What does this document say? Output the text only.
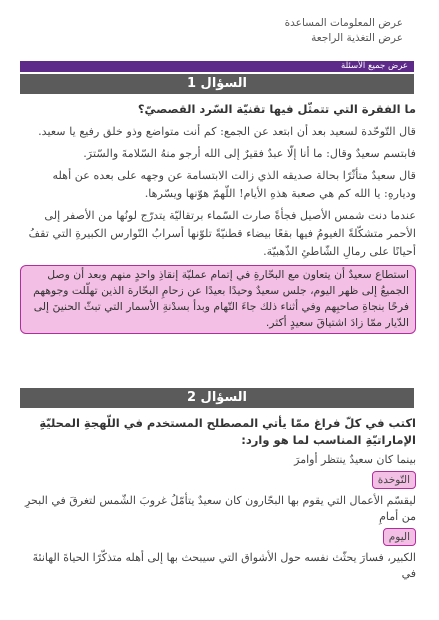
عرض المعلومات المساعدة
عرض التغذية الراجعة
عرض جميع الأسئلة
السؤال 1
ما الفقرة التي تتمثّل فيها تقنيّة السّرد القصصيّ؟

قال التّوحّدة لسعيد بعد أن ابتعد عن الجمع: كم أنت متواضع وذو خلق رفيع يا سعيد.

فابتسم سعيدٌ وقال: ما أنا إلّا عبدٌ فقيرٌ إلى الله أرجو منهُ السّلامةَ والسّترَ.

قال سعيدٌ متأثّرًا بحالة صديقه الذي زالت الابتسامة عن وجهه على بعده عن أهله وديارهِ: يا الله كم هي صعبة هذهِ الأيام! اللّهمّ هوّنها ويسّرها.

عندما دنت شمس الأصيل فجأةً صارت السّماء برتقاليّة يتدرّج لونُها من الأصفر إلى الأحمر متشكّلةً الغيومُ فيها بقعًا بيضاء قطنيّةً تلوّنها أسرابُ النّوارس الكبيرةِ التي تقفُ أحيانًا على رمالِ الشّاطئِ الذّهبيّة.

استطاع سعيدٌ أن يتعاون مع البحّارةِ في إتمام عمليّة إنقاذِ واحدٍ منهم وبعد أن وصل الجميعُ إلى ظهر اليوم، جلس سعيدٌ وحيدًا بعيدًا عن زحامِ البحّارة الذين تهلّلت وجوههم فرحًا بنجاةِ صاحبِهم وفي أثناء ذلك جاءَ التّهام وبدأ بسدْنةِ الأسمار التي تبثّ الحنينَ إلى الدّيار ممّا زادَ اشتياقَ سعيدٍ أكثر.
السؤال 2
اكتب في كلّ فراغ ممّا يأتي المصطلح المستخدم في اللّهجةِ المحليّةِ الإماراتيّةِ المناسب لما هو وارد:
بينما كان سعيدٌ ينتظر أوامرَ
التّوخدة
ليقسّم الأعمال التي يقوم بها البحّارون كان سعيدٌ يتأمّلُ غروبَ الشّمس لتغرقَ في البحرِ من أمامِ
اليوم
الكبير، فسارَ يحثّث نفسه حول الأشواق التي سيبحث بها إلى أهله متذكّرًا الحياةَ الهانئةَ في
